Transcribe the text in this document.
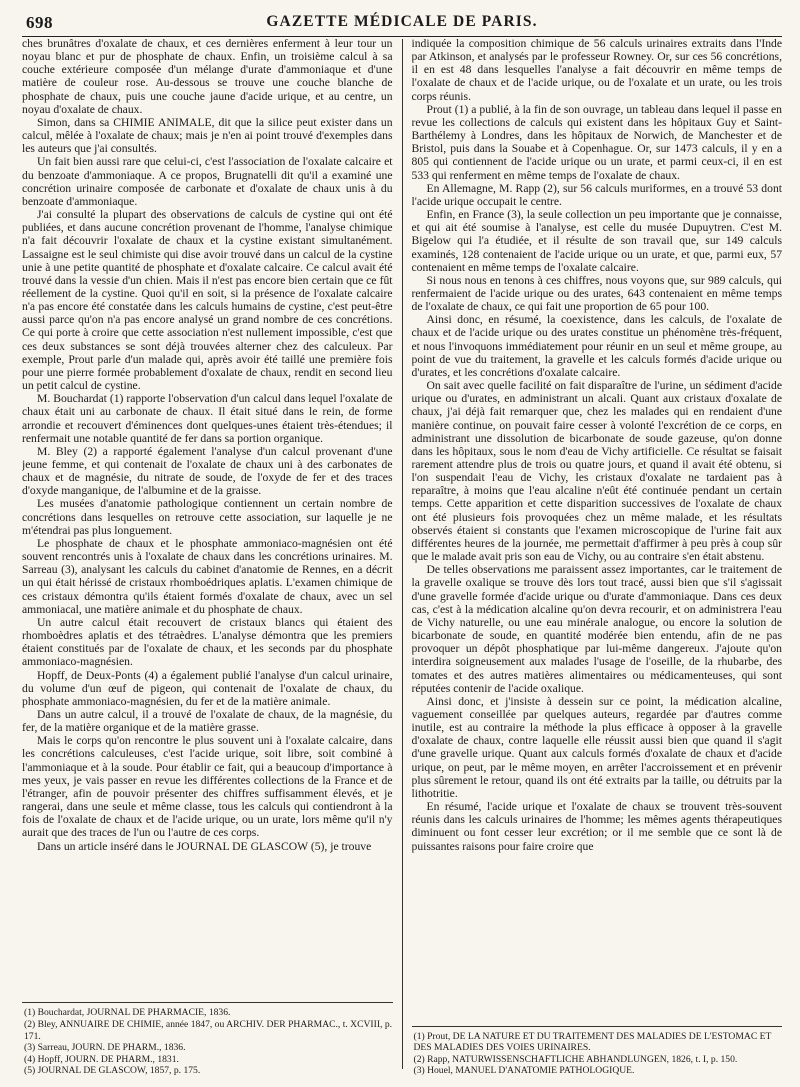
698	GAZETTE MÉDICALE DE PARIS.

ches brunâtres d'oxalate de chaux, et ces dernières enferment à leur tour un noyau blanc et pur de phosphate de chaux. Enfin, un troisième calcul à sa couche extérieure composée d'un mélange d'urate d'ammoniaque et d'une matière de couleur rose. Au-dessous se trouve une couche blanche de phosphate de chaux, puis une couche jaune d'acide urique, et au centre, un noyau d'oxalate de chaux.

Simon, dans sa CHIMIE ANIMALE, dit que la silice peut exister dans un calcul, mêlée à l'oxalate de chaux; mais je n'en ai point trouvé d'exemples dans les auteurs que j'ai consultés.

Un fait bien aussi rare que celui-ci, c'est l'association de l'oxalate calcaire et du benzoate d'ammoniaque. A ce propos, Brugnatelli dit qu'il a examiné une concrétion urinaire composée de carbonate et d'oxalate de chaux unis à du benzoate d'ammoniaque.

J'ai consulté la plupart des observations de calculs de cystine qui ont été publiées, et dans aucune concrétion provenant de l'homme, l'analyse chimique n'a fait découvrir l'oxalate de chaux et la cystine existant simultanément. Lassaigne est le seul chimiste qui dise avoir trouvé dans un calcul de la cystine unie à une petite quantité de phosphate et d'oxalate calcaire. Ce calcul avait été trouvé dans la vessie d'un chien. Mais il n'est pas encore bien certain que ce fût réellement de la cystine. Quoi qu'il en soit, si la présence de l'oxalate calcaire n'a pas encore été constatée dans les calculs humains de cystine, c'est peut-être aussi parce qu'on n'a pas encore analysé un grand nombre de ces concrétions. Ce qui porte à croire que cette association n'est nullement impossible, c'est que ces deux substances se sont déjà trouvées alterner chez des calculeux. Par exemple, Prout parle d'un malade qui, après avoir été taillé une première fois pour une pierre formée probablement d'oxalate de chaux, rendit en second lieu un petit calcul de cystine.

M. Bouchardat (1) rapporte l'observation d'un calcul dans lequel l'oxalate de chaux était uni au carbonate de chaux. Il était situé dans le rein, de forme arrondie et recouvert d'éminences dont quelques-unes étaient très-étendues; il renfermait une notable quantité de fer dans sa portion organique.

M. Bley (2) a rapporté également l'analyse d'un calcul provenant d'une jeune femme, et qui contenait de l'oxalate de chaux uni à des carbonates de chaux et de magnésie, du nitrate de soude, de l'oxyde de fer et des traces d'oxyde manganique, de l'albumine et de la graisse.

Les musées d'anatomie pathologique contiennent un certain nombre de concrétions dans lesquelles on retrouve cette association, sur laquelle je ne m'étendrai pas plus longuement.

Le phosphate de chaux et le phosphate ammoniaco-magnésien ont été souvent rencontrés unis à l'oxalate de chaux dans les concrétions urinaires. M. Sarreau (3), analysant les calculs du cabinet d'anatomie de Rennes, en a décrit un qui était hérissé de cristaux rhomboédriques aplatis. L'examen chimique de ces cristaux démontra qu'ils étaient formés d'oxalate de chaux, avec un sel ammoniacal, une matière animale et du phosphate de chaux.

Un autre calcul était recouvert de cristaux blancs qui étaient des rhomboèdres aplatis et des tétraèdres. L'analyse démontra que les premiers étaient constitués par de l'oxalate de chaux, et les seconds par du phosphate ammoniaco-magnésien.

Hopff, de Deux-Ponts (4) a également publié l'analyse d'un calcul urinaire, du volume d'un œuf de pigeon, qui contenait de l'oxalate de chaux, du phosphate ammoniaco-magnésien, du fer et de la matière animale.

Dans un autre calcul, il a trouvé de l'oxalate de chaux, de la magnésie, du fer, de la matière organique et de la matière grasse.

Mais le corps qu'on rencontre le plus souvent uni à l'oxalate calcaire, dans les concrétions calculeuses, c'est l'acide urique, soit libre, soit combiné à l'ammoniaque et à la soude. Pour établir ce fait, qui a beaucoup d'importance à mes yeux, je vais passer en revue les différentes collections de la France et de l'étranger, afin de pouvoir présenter des chiffres suffisamment élevés, et je rangerai, dans une seule et même classe, tous les calculs qui contiendront à la fois de l'oxalate de chaux et de l'acide urique, ou un urate, lors même qu'il n'y aurait que des traces de l'un ou l'autre de ces corps.

Dans un article inséré dans le JOURNAL DE GLASCOW (5), je trouve

(1) Bouchardat, JOURNAL DE PHARMACIE, 1836.

(2) Bley, ANNUAIRE DE CHIMIE, année 1847, ou ARCHIV. DER PHARMAC., t. XCVIII, p. 171.

(3) Sarreau, JOURN. DE PHARM., 1836.

(4) Hopff, JOURN. DE PHARM., 1831.

(5) JOURNAL DE GLASCOW, 1857, p. 175.

indiquée la composition chimique de 56 calculs urinaires extraits dans l'Inde par Atkinson, et analysés par le professeur Rowney. Or, sur ces 56 concrétions, il en est 48 dans lesquelles l'analyse a fait découvrir en même temps de l'oxalate de chaux et de l'acide urique, ou de l'oxalate et un urate, ou les trois corps réunis.

Prout (1) a publié, à la fin de son ouvrage, un tableau dans lequel il passe en revue les collections de calculs qui existent dans les hôpitaux Guy et Saint-Barthélemy à Londres, dans les hôpitaux de Norwich, de Manchester et de Bristol, puis dans la Souabe et à Copenhague. Or, sur 1473 calculs, il y en a 805 qui contiennent de l'acide urique ou un urate, et parmi ceux-ci, il en est 533 qui renferment en même temps de l'oxalate de chaux.

En Allemagne, M. Rapp (2), sur 56 calculs muriformes, en a trouvé 53 dont l'acide urique occupait le centre.

Enfin, en France (3), la seule collection un peu importante que je connaisse, et qui ait été soumise à l'analyse, est celle du musée Dupuytren. C'est M. Bigelow qui l'a étudiée, et il résulte de son travail que, sur 149 calculs examinés, 128 contenaient de l'acide urique ou un urate, et que, parmi eux, 57 contenaient en même temps de l'oxalate calcaire.

Si nous nous en tenons à ces chiffres, nous voyons que, sur 989 calculs, qui renfermaient de l'acide urique ou des urates, 643 contenaient en même temps de l'oxalate de chaux, ce qui fait une proportion de 65 pour 100.

Ainsi donc, en résumé, la coexistence, dans les calculs, de l'oxalate de chaux et de l'acide urique ou des urates constitue un phénomène très-fréquent, et nous l'invoquons immédiatement pour réunir en un seul et même groupe, au point de vue du traitement, la gravelle et les calculs formés d'acide urique ou d'urates, et les concrétions d'oxalate calcaire.

On sait avec quelle facilité on fait disparaître de l'urine, un sédiment d'acide urique ou d'urates, en administrant un alcali. Quant aux cristaux d'oxalate de chaux, j'ai déjà fait remarquer que, chez les malades qui en rendaient d'une manière continue, on pouvait faire cesser à volonté l'excrétion de ce corps, en administrant une dissolution de bicarbonate de soude gazeuse, qu'on donne dans les hôpitaux, sous le nom d'eau de Vichy artificielle. Ce résultat se faisait rarement attendre plus de trois ou quatre jours, et quand il avait été obtenu, si l'on suspendait l'eau de Vichy, les cristaux d'oxalate ne tardaient pas à reparaître, à moins que l'eau alcaline n'eût été continuée pendant un certain temps. Cette apparition et cette disparition successives de l'oxalate de chaux ont été plusieurs fois provoquées chez un même malade, et les résultats observés étaient si constants que l'examen microscopique de l'urine fait aux différentes heures de la journée, me permettait d'affirmer à peu près à coup sûr que le malade avait pris son eau de Vichy, ou au contraire s'en était abstenu.

De telles observations me paraissent assez importantes, car le traitement de la gravelle oxalique se trouve dès lors tout tracé, aussi bien que s'il s'agissait d'une gravelle formée d'acide urique ou d'urate d'ammoniaque. Dans ces deux cas, c'est à la médication alcaline qu'on devra recourir, et on administrera l'eau de Vichy naturelle, ou une eau minérale analogue, ou encore la solution de bicarbonate de soude, en quantité modérée bien entendu, afin de ne pas provoquer un dépôt phosphatique par lui-même dangereux. J'ajoute qu'on interdira soigneusement aux malades l'usage de l'oseille, de la rhubarbe, des tomates et des autres matières alimentaires ou médicamenteuses, qui sont réputées contenir de l'acide oxalique.

Ainsi donc, et j'insiste à dessein sur ce point, la médication alcaline, vaguement conseillée par quelques auteurs, regardée par d'autres comme inutile, est au contraire la méthode la plus efficace à opposer à la gravelle d'oxalate de chaux, contre laquelle elle réussit aussi bien que quand il s'agit d'une gravelle urique. Quant aux calculs formés d'oxalate de chaux et d'acide urique, on peut, par le même moyen, en arrêter l'accroissement et en prévenir plus sûrement le retour, quand ils ont été extraits par la taille, ou détruits par la lithotritie.

En résumé, l'acide urique et l'oxalate de chaux se trouvent très-souvent réunis dans les calculs urinaires de l'homme; les mêmes agents thérapeutiques diminuent ou font cesser leur excrétion; or il me semble que ce sont là de puissantes raisons pour faire croire que

(1) Prout, DE LA NATURE ET DU TRAITEMENT DES MALADIES DE L'ESTOMAC ET DES MALADIES DES VOIES URINAIRES.

(2) Rapp, NATURWISSENSCHAFTLICHE ABHANDLUNGEN, 1826, t. I, p. 150.

(3) Houel, MANUEL D'ANATOMIE PATHOLOGIQUE.
